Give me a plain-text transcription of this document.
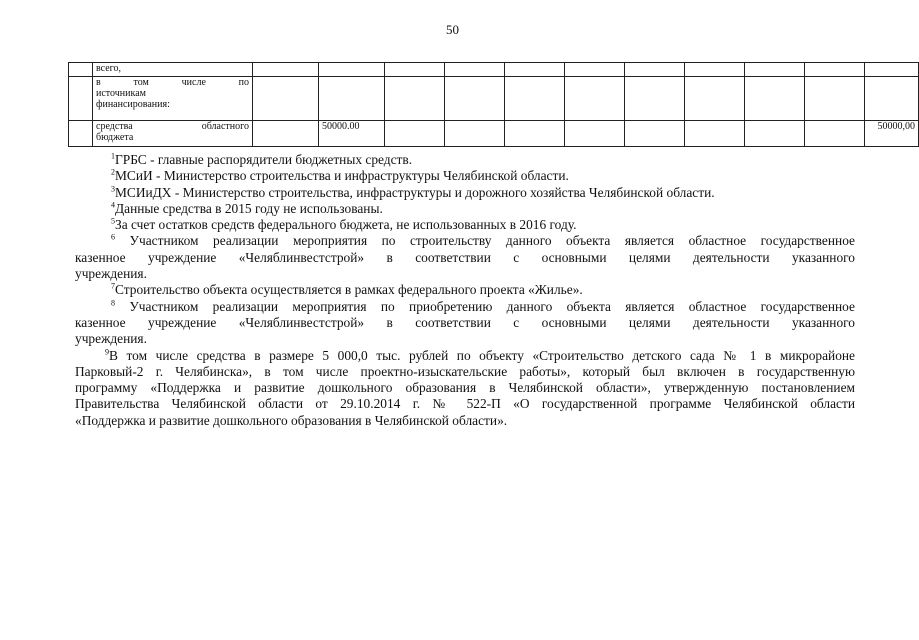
50
	всего,											

	в том числе по
источникам
финансирования:											

	средства областного
бюджета		50000.00									50000,00

$^1$ГРБС - главные распорядители бюджетных средств.

$^2$МСиИ - Министерство строительства и инфраструктуры Челябинской области.

$^3$МСИиДХ - Министерство строительства, инфраструктуры и дорожного хозяйства Челябинской области.

$^4$Данные средства в 2015 году не использованы.

$^5$За счет остатков средств федерального бюджета, не использованных в 2016 году.

$^6$ Участником реализации мероприятия по строительству данного объекта является областное государственное
казенное учреждение «Челяблинвестстрой» в соответствии с основными целями деятельности указанного
учреждения.

$^7$Строительство объекта осуществляется в рамках федерального проекта «Жилье».

$^8$ Участником реализации мероприятия по приобретению данного объекта является областное государственное
казенное учреждение «Челяблинвестстрой» в соответствии с основными целями деятельности указанного
учреждения.

$^9$В том числе средства в размере 5 000,0 тыс. рублей по объекту «Строительство детского сада № 1 в микрорайоне
Парковый-2 г. Челябинска», в том числе проектно-изыскательские работы», который был включен в государственную
программу «Поддержка и развитие дошкольного образования в Челябинской области», утвержденную постановлением
Правительства Челябинской области от 29.10.2014 г. № 522-П «О государственной программе Челябинской области
«Поддержка и развитие дошкольного образования в Челябинской области».
